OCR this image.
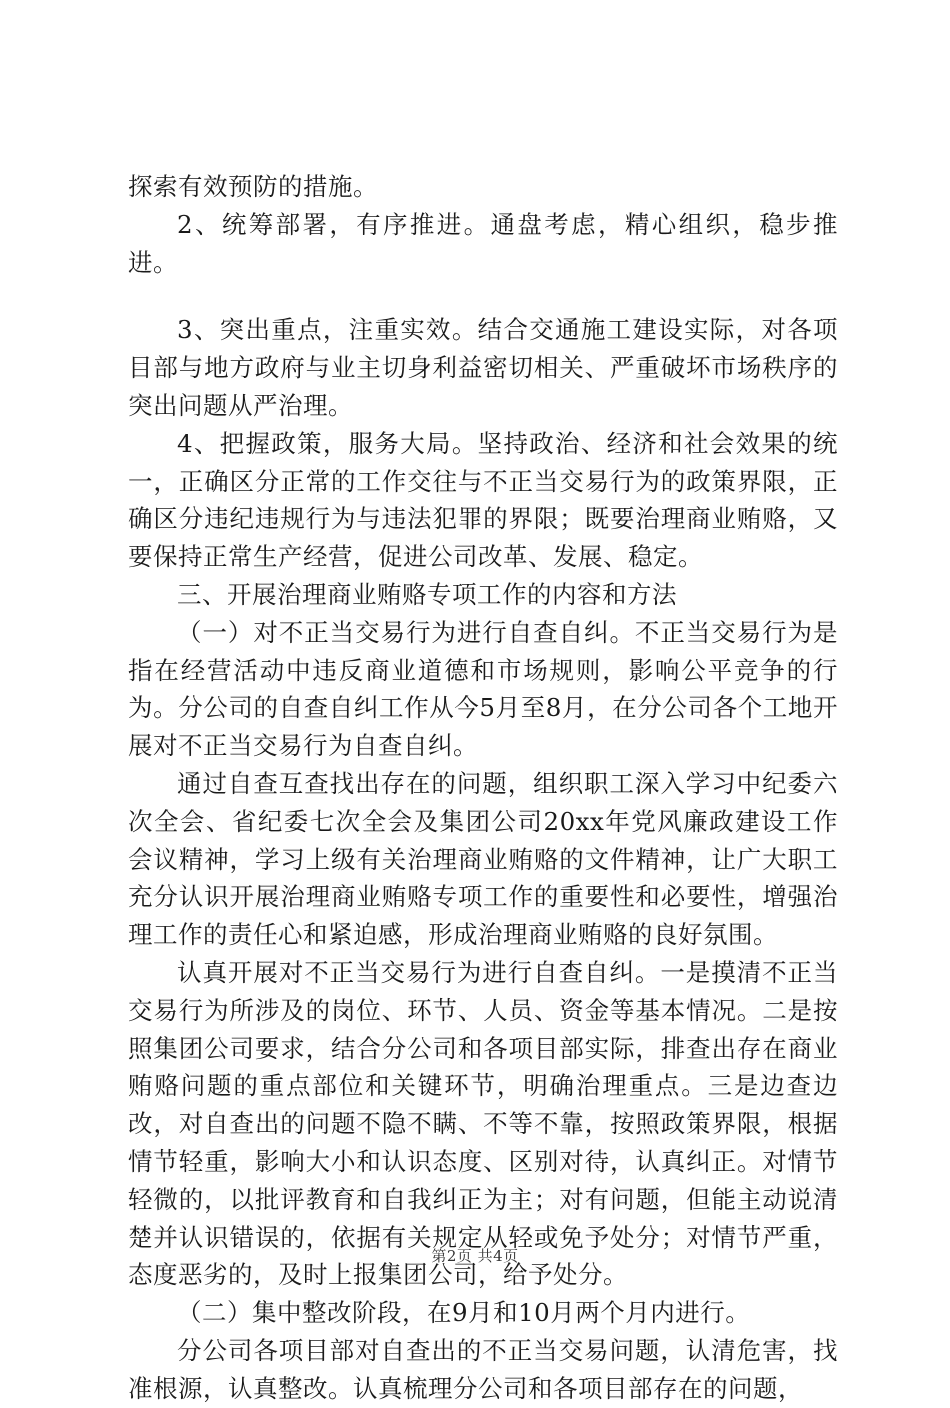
探索有效预防的措施。

2、统筹部署，有序推进。通盘考虑，精心组织，稳步推进。

3、突出重点，注重实效。结合交通施工建设实际，对各项目部与地方政府与业主切身利益密切相关、严重破坏市场秩序的突出问题从严治理。

4、把握政策，服务大局。坚持政治、经济和社会效果的统一，正确区分正常的工作交往与不正当交易行为的政策界限，正确区分违纪违规行为与违法犯罪的界限；既要治理商业贿赂，又要保持正常生产经营，促进公司改革、发展、稳定。

三、开展治理商业贿赂专项工作的内容和方法

（一）对不正当交易行为进行自查自纠。不正当交易行为是指在经营活动中违反商业道德和市场规则，影响公平竞争的行为。分公司的自查自纠工作从今5月至8月，在分公司各个工地开展对不正当交易行为自查自纠。

通过自查互查找出存在的问题，组织职工深入学习中纪委六次全会、省纪委七次全会及集团公司20xx年党风廉政建设工作会议精神，学习上级有关治理商业贿赂的文件精神，让广大职工充分认识开展治理商业贿赂专项工作的重要性和必要性，增强治理工作的责任心和紧迫感，形成治理商业贿赂的良好氛围。

认真开展对不正当交易行为进行自查自纠。一是摸清不正当交易行为所涉及的岗位、环节、人员、资金等基本情况。二是按照集团公司要求，结合分公司和各项目部实际，排查出存在商业贿赂问题的重点部位和关键环节，明确治理重点。三是边查边改，对自查出的问题不隐不瞒、不等不靠，按照政策界限，根据情节轻重，影响大小和认识态度、区别对待，认真纠正。对情节轻微的，以批评教育和自我纠正为主；对有问题，但能主动说清楚并认识错误的，依据有关规定从轻或免予处分；对情节严重，态度恶劣的，及时上报集团公司，给予处分。

（二）集中整改阶段，在9月和10月两个月内进行。

分公司各项目部对自查出的不正当交易问题，认清危害，找准根源，认真整改。认真梳理分公司和各项目部存在的问题，

第2页 共4页
